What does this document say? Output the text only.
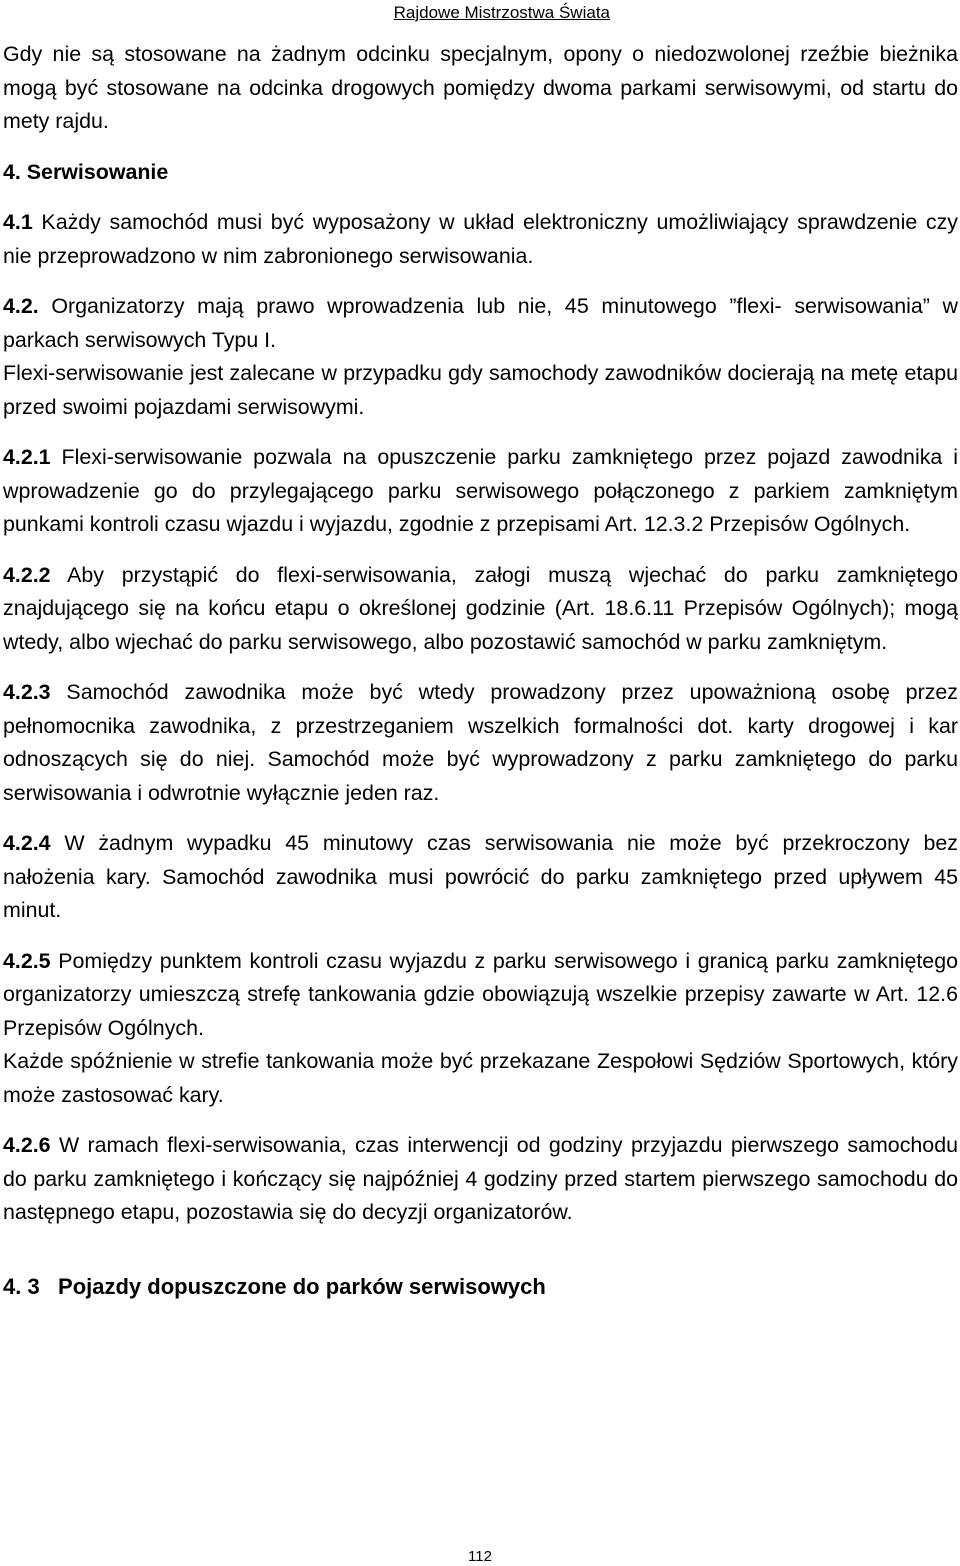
Rajdowe Mistrzostwa Świata

Gdy nie są stosowane na żadnym odcinku specjalnym, opony o niedozwolonej rzeźbie bieżnika mogą być stosowane na odcinka drogowych pomiędzy dwoma parkami serwisowymi, od startu do mety rajdu.

4. Serwisowanie

4.1 Każdy samochód musi być wyposażony w układ elektroniczny umożliwiający sprawdzenie czy nie przeprowadzono w nim zabronionego serwisowania.

4.2. Organizatorzy mają prawo wprowadzenia lub nie, 45 minutowego ”flexi- serwisowania” w parkach serwisowych Typu I.

Flexi-serwisowanie jest zalecane w przypadku gdy samochody zawodników docierają na metę etapu przed swoimi pojazdami serwisowymi.

4.2.1 Flexi-serwisowanie pozwala na opuszczenie parku zamkniętego przez pojazd zawodnika i wprowadzenie go do przylegającego parku serwisowego połączonego z parkiem zamkniętym punkami kontroli czasu wjazdu i wyjazdu, zgodnie z przepisami Art. 12.3.2 Przepisów Ogólnych.

4.2.2 Aby przystąpić do flexi-serwisowania, załogi muszą wjechać do parku zamkniętego znajdującego się na końcu etapu o określonej godzinie (Art. 18.6.11 Przepisów Ogólnych); mogą wtedy, albo wjechać do parku serwisowego, albo pozostawić samochód w parku zamkniętym.

4.2.3 Samochód zawodnika może być wtedy prowadzony przez upoważnioną osobę przez pełnomocnika zawodnika, z przestrzeganiem wszelkich formalności dot. karty drogowej i kar odnoszących się do niej. Samochód może być wyprowadzony z parku zamkniętego do parku serwisowania i odwrotnie wyłącznie jeden raz.

4.2.4 W żadnym wypadku 45 minutowy czas serwisowania nie może być przekroczony bez nałożenia kary. Samochód zawodnika musi powrócić do parku zamkniętego przed upływem 45 minut.

4.2.5 Pomiędzy punktem kontroli czasu wyjazdu z parku serwisowego i granicą parku zamkniętego organizatorzy umieszczą strefę tankowania gdzie obowiązują wszelkie przepisy zawarte w Art. 12.6 Przepisów Ogólnych.

Każde spóźnienie w strefie tankowania może być przekazane Zespołowi Sędziów Sportowych, który może zastosować kary.

4.2.6 W ramach flexi-serwisowania, czas interwencji od godziny przyjazdu pierwszego samochodu do parku zamkniętego i kończący się najpóźniej 4 godziny przed startem pierwszego samochodu do następnego etapu, pozostawia się do decyzji organizatorów.

4. 3   Pojazdy dopuszczone do parków serwisowych

112
